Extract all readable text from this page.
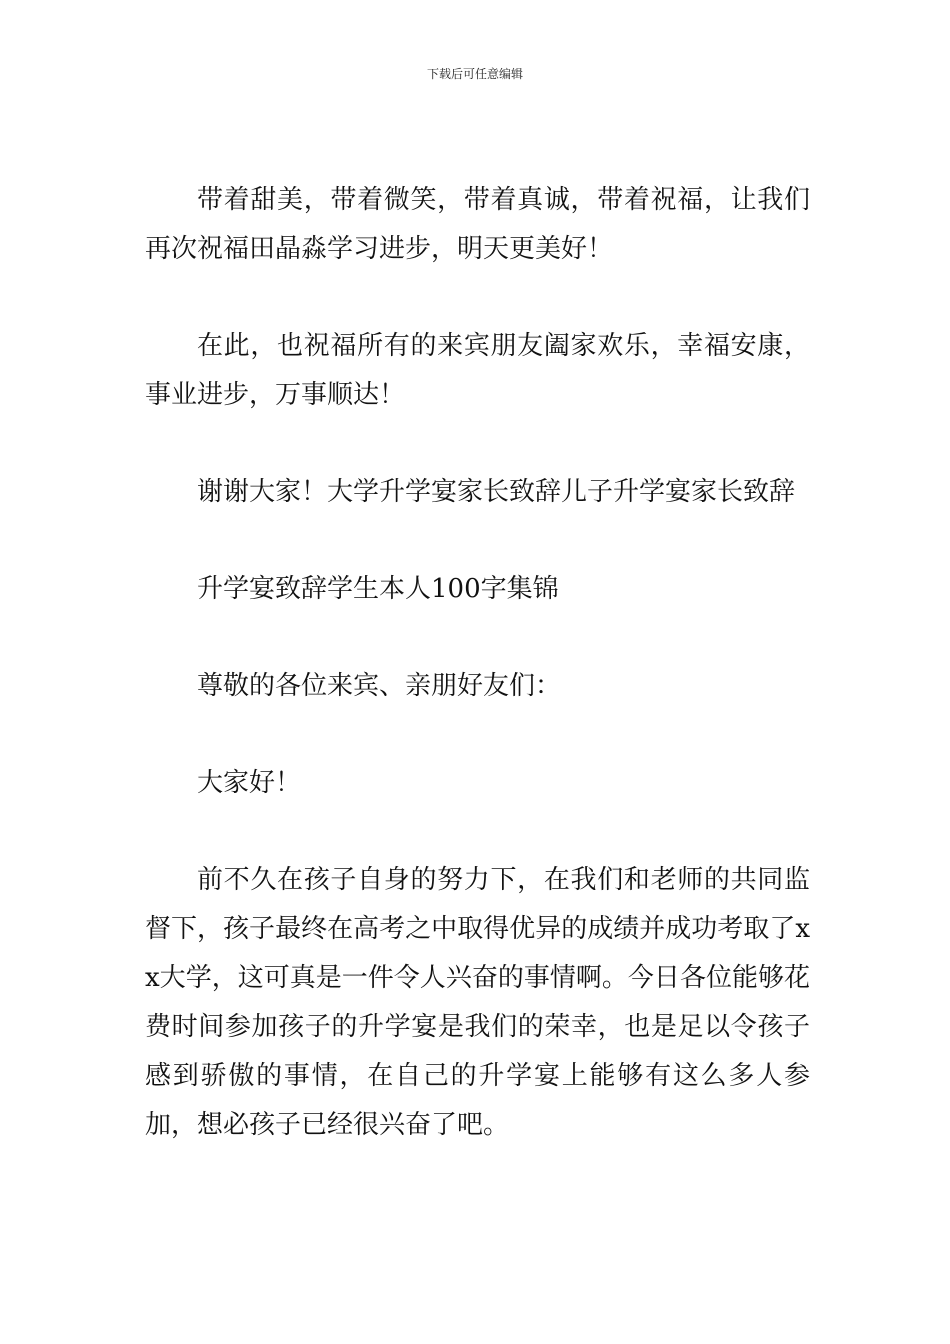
下载后可任意编辑

带着甜美，带着微笑，带着真诚，带着祝福，让我们再次祝福田晶淼学习进步，明天更美好！

在此，也祝福所有的来宾朋友阖家欢乐，幸福安康，事业进步，万事顺达！

谢谢大家！大学升学宴家长致辞儿子升学宴家长致辞

升学宴致辞学生本人100字集锦

尊敬的各位来宾、亲朋好友们：

大家好！

前不久在孩子自身的努力下，在我们和老师的共同监督下，孩子最终在高考之中取得优异的成绩并成功考取了xx大学，这可真是一件令人兴奋的事情啊。今日各位能够花费时间参加孩子的升学宴是我们的荣幸，也是足以令孩子感到骄傲的事情，在自己的升学宴上能够有这么多人参加，想必孩子已经很兴奋了吧。
